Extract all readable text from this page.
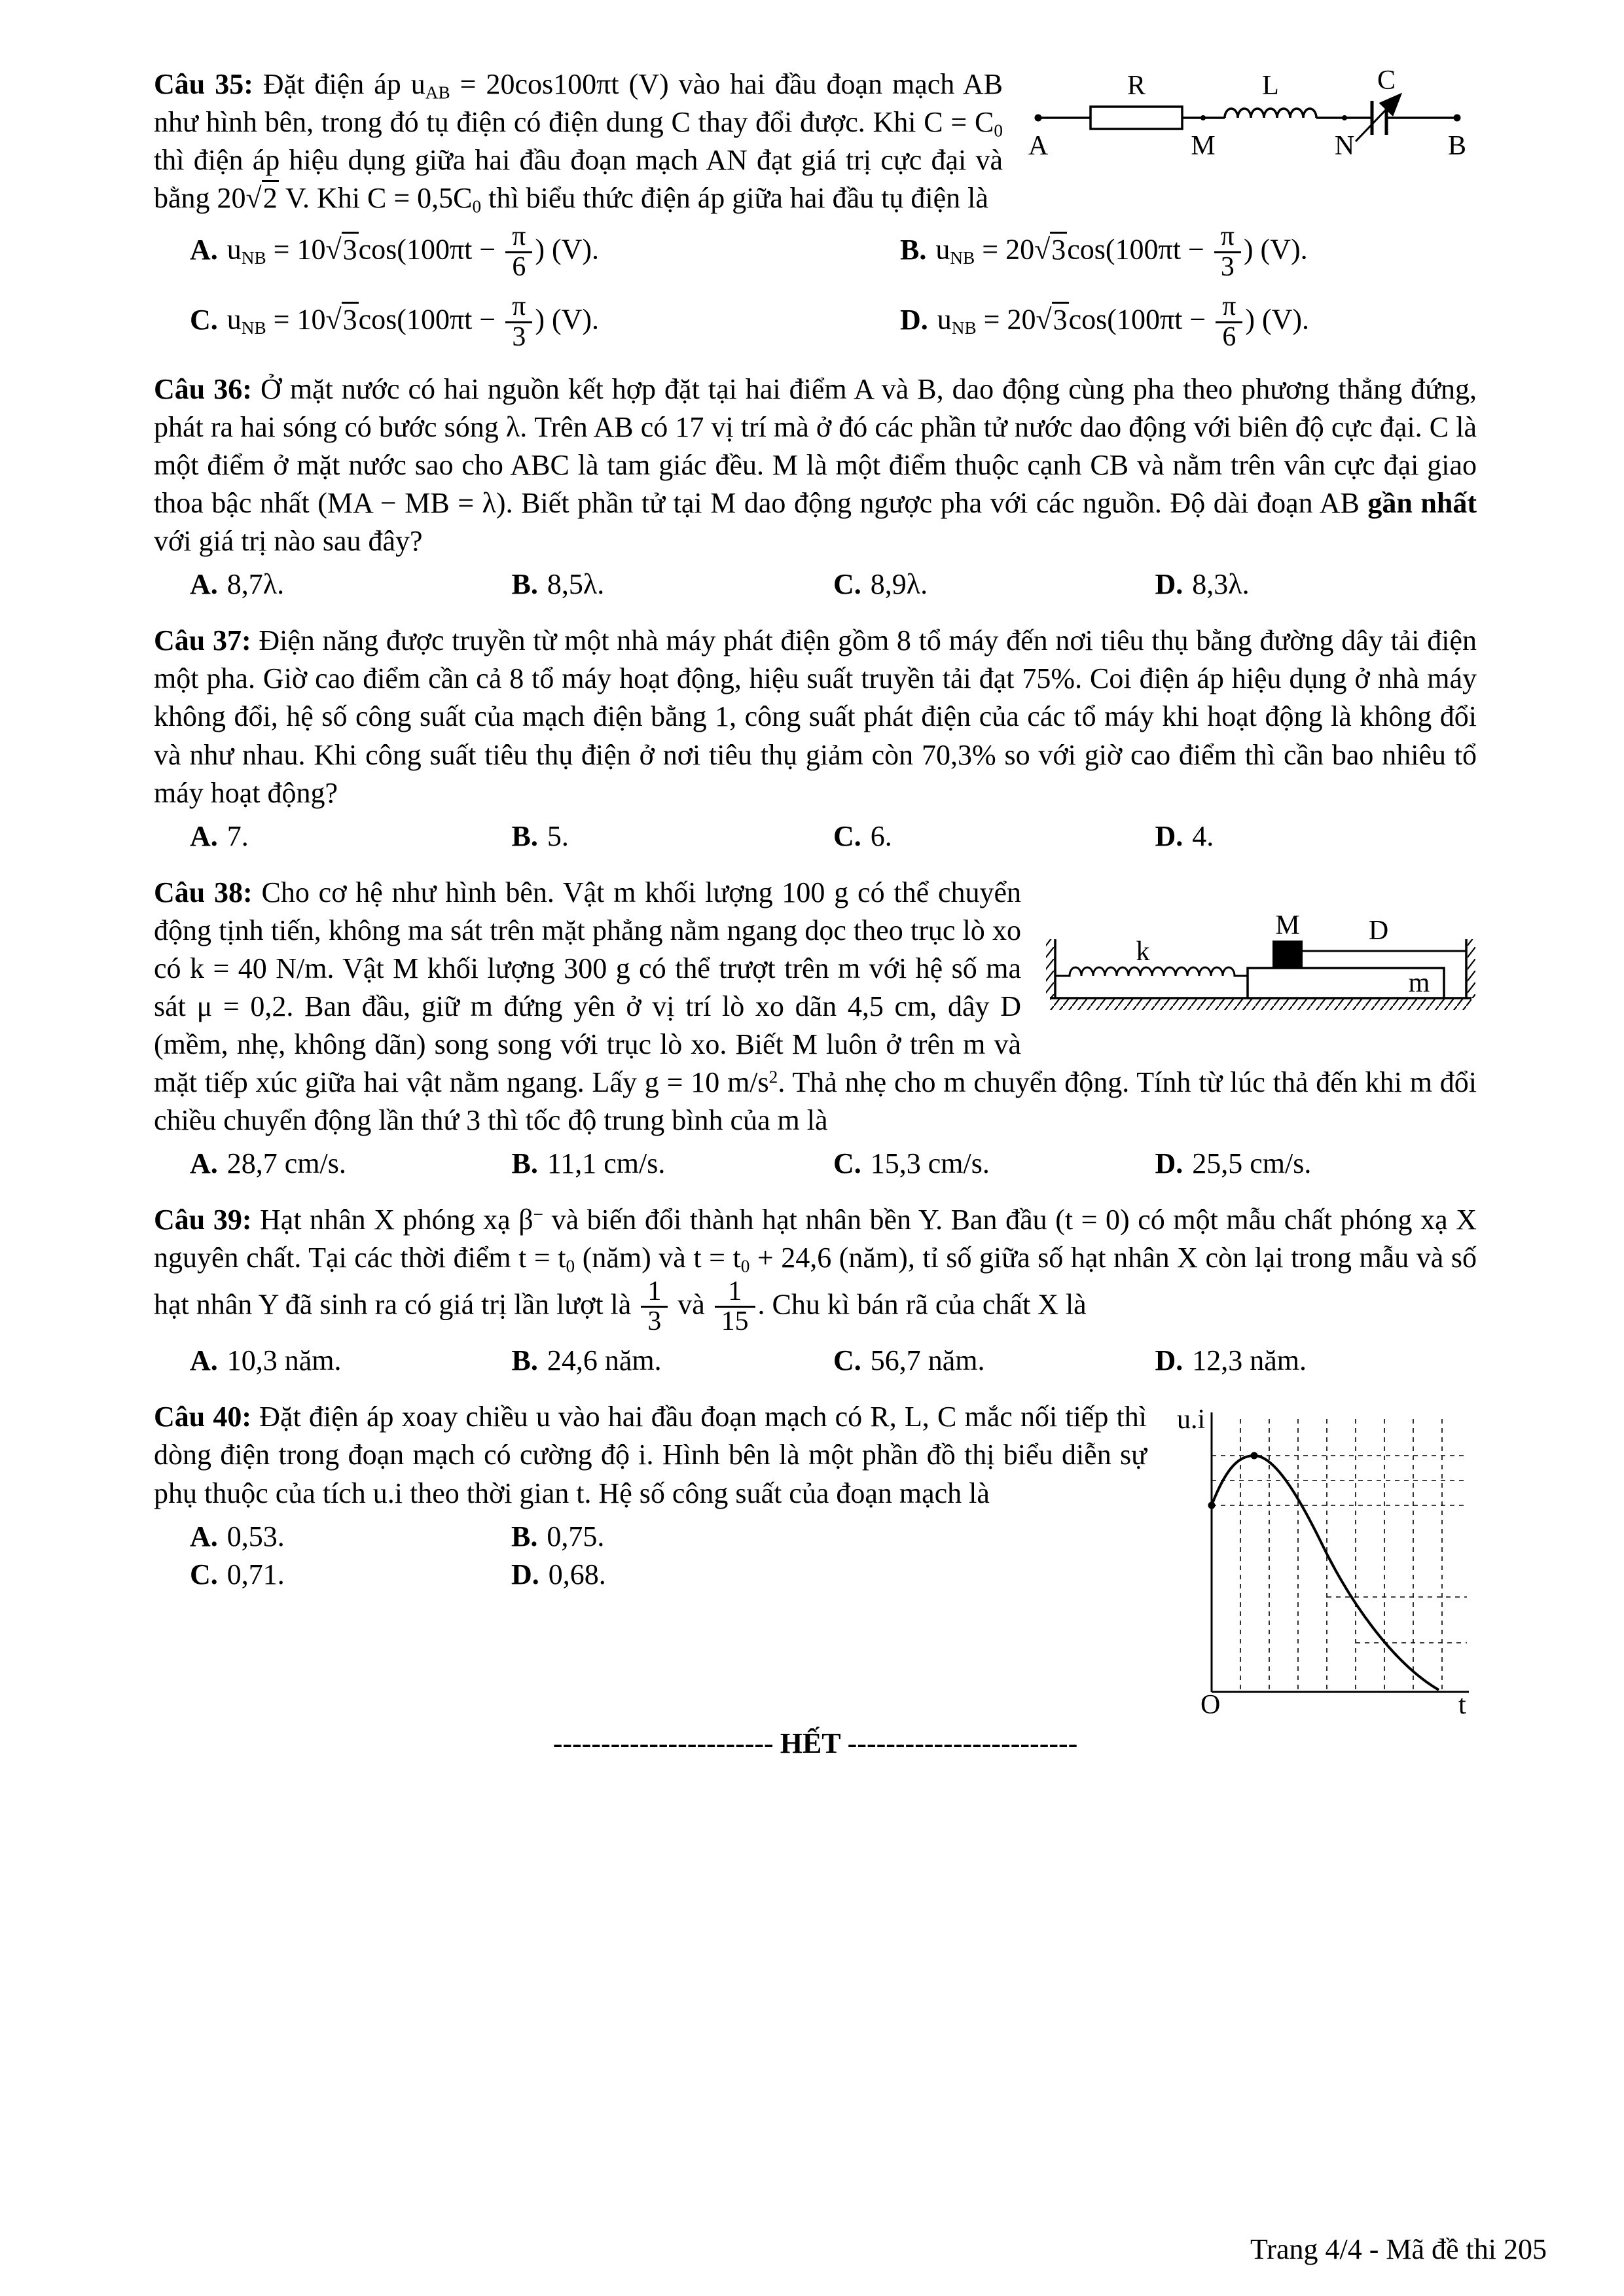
R	L	C
A	M	N	B

Câu 35: Đặt điện áp $u_{AB} = 20\cos 100\pi t$ (V) vào hai đầu đoạn mạch AB như hình bên, trong đó tụ điện có điện dung C thay đổi được. Khi $C = C_0$ thì điện áp hiệu dụng giữa hai đầu đoạn mạch AN đạt giá trị cực đại và bằng 20√2 V. Khi $C = 0,5C_0$ thì biểu thức điện áp giữa hai đầu tụ điện là

A. $u_{NB} = 10√3\cos(100\pi t - \frac{\pi}{6}$ ) (V).	B. $u_{NB} = 20√3\cos(100\pi t - \frac{\pi}{3}$ ) (V).
C. $u_{NB} = 10√3\cos(100\pi t - \frac{\pi}{3}$ ) (V).	D. $u_{NB} = 20√3\cos(100\pi t - \frac{\pi}{6}$ ) (V).

Câu 36: Ở mặt nước có hai nguồn kết hợp đặt tại hai điểm A và B, dao động cùng pha theo phương thẳng đứng, phát ra hai sóng có bước sóng λ. Trên AB có 17 vị trí mà ở đó các phần tử nước dao động với biên độ cực đại. C là một điểm ở mặt nước sao cho ABC là tam giác đều. M là một điểm thuộc cạnh CB và nằm trên vân cực đại giao thoa bậc nhất (MA − MB = λ). Biết phần tử tại M dao động ngược pha với các nguồn. Độ dài đoạn AB gần nhất với giá trị nào sau đây?

A. 8,7λ.	B. 8,5λ.	C. 8,9λ.	D. 8,3λ.

Câu 37: Điện năng được truyền từ một nhà máy phát điện gồm 8 tổ máy đến nơi tiêu thụ bằng đường dây tải điện một pha. Giờ cao điểm cần cả 8 tổ máy hoạt động, hiệu suất truyền tải đạt 75%. Coi điện áp hiệu dụng ở nhà máy không đổi, hệ số công suất của mạch điện bằng 1, công suất phát điện của các tổ máy khi hoạt động là không đổi và như nhau. Khi công suất tiêu thụ điện ở nơi tiêu thụ giảm còn 70,3% so với giờ cao điểm thì cần bao nhiêu tổ máy hoạt động?

A. 7.	B. 5.	C. 6.	D. 4.
k
M	D
m

Câu 38: Cho cơ hệ như hình bên. Vật m khối lượng 100 g có thể chuyển động tịnh tiến, không ma sát trên mặt phẳng nằm ngang dọc theo trục lò xo có k = 40 N/m. Vật M khối lượng 300 g có thể trượt trên m với hệ số ma sát μ = 0,2. Ban đầu, giữ m đứng yên ở vị trí lò xo dãn 4,5 cm, dây D (mềm, nhẹ, không dãn) song song với trục lò xo. Biết M luôn ở trên m và mặt tiếp xúc giữa hai vật nằm ngang. Lấy g = 10 $m/s^2$. Thả nhẹ cho m chuyển động. Tính từ lúc thả đến khi m đổi chiều chuyển động lần thứ 3 thì tốc độ trung bình của m là

A. 28,7 cm/s.	B. 11,1 cm/s.	C. 15,3 cm/s.	D. 25,5 cm/s.

Câu 39: Hạt nhân X phóng xạ β− và biến đổi thành hạt nhân bền Y. Ban đầu (t = 0) có một mẫu chất phóng xạ X nguyên chất. Tại các thời điểm $t = t_0$ (năm) và $t = t_0 + 24,6$ (năm), tỉ số giữa số hạt nhân X còn lại trong mẫu và số hạt nhân Y đã sinh ra có giá trị lần lượt là $\frac{1}{3}$ và $\frac{1}{15}$ . Chu kì bán rã của chất X là

A. 10,3 năm.	B. 24,6 năm.	C. 56,7 năm.	D. 12,3 năm.
u.i
O	t

Câu 40: Đặt điện áp xoay chiều u vào hai đầu đoạn mạch có R, L, C mắc nối tiếp thì dòng điện trong đoạn mạch có cường độ i. Hình bên là một phần đồ thị biểu diễn sự phụ thuộc của tích u.i theo thời gian t. Hệ số công suất của đoạn mạch là

A. 0,53.	B. 0,75.
C. 0,71.	D. 0,68.

----------------------- HẾT ------------------------

Trang 4/4 - Mã đề thi 205
